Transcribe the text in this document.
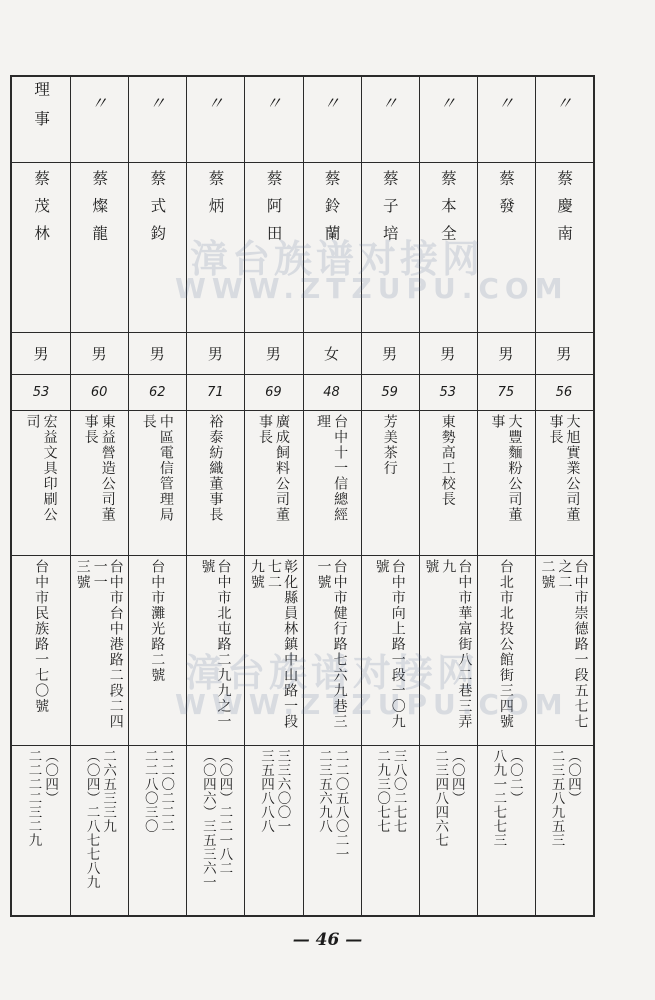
〃
蔡慶南
男
56
大旭實業公司董
事長
台中市崇德路一段五七七之二
二號
（〇四）
二三五八九五三
〃
蔡發
男
75
大豐麵粉公司董
事
台北市北投公館街三四號
（〇二）
八九一二七七三
〃
蔡本全
男
53
東勢高工校長
台中市華富街八二巷三弄九
號
（〇四）
二三四八四六七
〃
蔡子培
男
59
芳美茶行
台中市向上路一段一〇九號
三八〇二七七
二九三〇七七
〃
蔡鈴蘭
女
48
台中十一信總經
理
台中市健行路七六九巷三一號
二二〇五八〇二一
二三五六九八
〃
蔡阿田
男
69
廣成飼料公司董
事長
彰化縣員林鎮中山路一段七二
九號
三三六〇〇一
三五四八八八
〃
蔡炳
男
71
裕泰紡織董事長
台中市北屯路二九九之一號
（〇四）二二一八二
（〇四六）三五三六一
〃
蔡式鈞
男
62
中區電信管理局
長
台中市灘光路二號
二二〇二二二
二二八〇三〇
〃
蔡燦龍
男
60
東益營造公司董
事長
台中市台中港路二段二四一一
三號
二六五三三九
（〇四）二八七七八九
理事
蔡茂林
男
53
宏益文具印刷公
司
台中市民族路一七〇號
（〇四）
二二二二三二九
漳台族谱对接网
WWW.ZTZUPU.COM
漳台族谱对接网
WWW.ZTZUPU.COM
— 46 —
